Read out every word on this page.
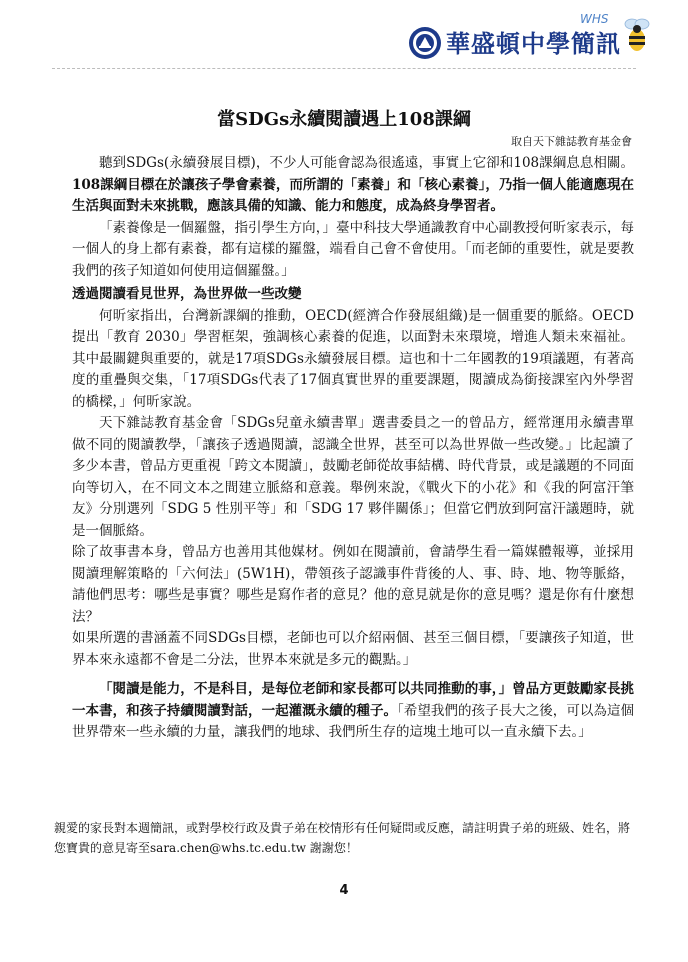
華盛頓中學簡訊
WHS
當SDGs永續閱讀遇上108課綱
取自天下雜誌教育基金會

聽到SDGs(永續發展目標)，不少人可能會認為很遙遠，事實上它卻和108課綱息息相關。108課綱目標在於讓孩子學會素養，而所謂的「素養」和「核心素養」，乃指一個人能適應現在生活與面對未來挑戰，應該具備的知識、能力和態度，成為終身學習者。

「素養像是一個羅盤，指引學生方向，」臺中科技大學通識教育中心副教授何昕家表示，每一個人的身上都有素養，都有這樣的羅盤，端看自己會不會使用。「而老師的重要性，就是要教我們的孩子知道如何使用這個羅盤。」

透過閱讀看見世界，為世界做一些改變

何昕家指出，台灣新課綱的推動，OECD(經濟合作發展組織)是一個重要的脈絡。OECD提出「教育 2030」學習框架，強調核心素養的促進，以面對未來環境，增進人類未來福祉。其中最關鍵與重要的，就是17項SDGs永續發展目標。這也和十二年國教的19項議題，有著高度的重疊與交集，「17項SDGs代表了17個真實世界的重要課題，閱讀成為銜接課室內外學習的橋樑，」何昕家說。

天下雜誌教育基金會「SDGs兒童永續書單」選書委員之一的曾品方，經常運用永續書單做不同的閱讀教學，「讓孩子透過閱讀，認識全世界，甚至可以為世界做一些改變。」比起讀了多少本書，曾品方更重視「跨文本閱讀」，鼓勵老師從故事結構、時代背景，或是議題的不同面向等切入，在不同文本之間建立脈絡和意義。舉例來說，《戰火下的小花》和《我的阿富汗筆友》分別選列「SDG 5 性別平等」和「SDG 17 夥伴關係」；但當它們放到阿富汗議題時，就是一個脈絡。

除了故事書本身，曾品方也善用其他媒材。例如在閱讀前，會請學生看一篇媒體報導，並採用閱讀理解策略的「六何法」(5W1H)，帶領孩子認識事件背後的人、事、時、地、物等脈絡，請他們思考：哪些是事實？哪些是寫作者的意見？他的意見就是你的意見嗎？還是你有什麼想法？

如果所選的書涵蓋不同SDGs目標，老師也可以介紹兩個、甚至三個目標，「要讓孩子知道，世界本來永遠都不會是二分法，世界本來就是多元的觀點。」

「閱讀是能力，不是科目，是每位老師和家長都可以共同推動的事，」曾品方更鼓勵家長挑一本書，和孩子持續閱讀對話，一起灌溉永續的種子。「希望我們的孩子長大之後，可以為這個世界帶來一些永續的力量，讓我們的地球、我們所生存的這塊土地可以一直永續下去。」

親愛的家長對本週簡訊，或對學校行政及貴子弟在校情形有任何疑問或反應，請註明貴子弟的班級、姓名，將您寶貴的意見寄至sara.chen@whs.tc.edu.tw 謝謝您！
4
